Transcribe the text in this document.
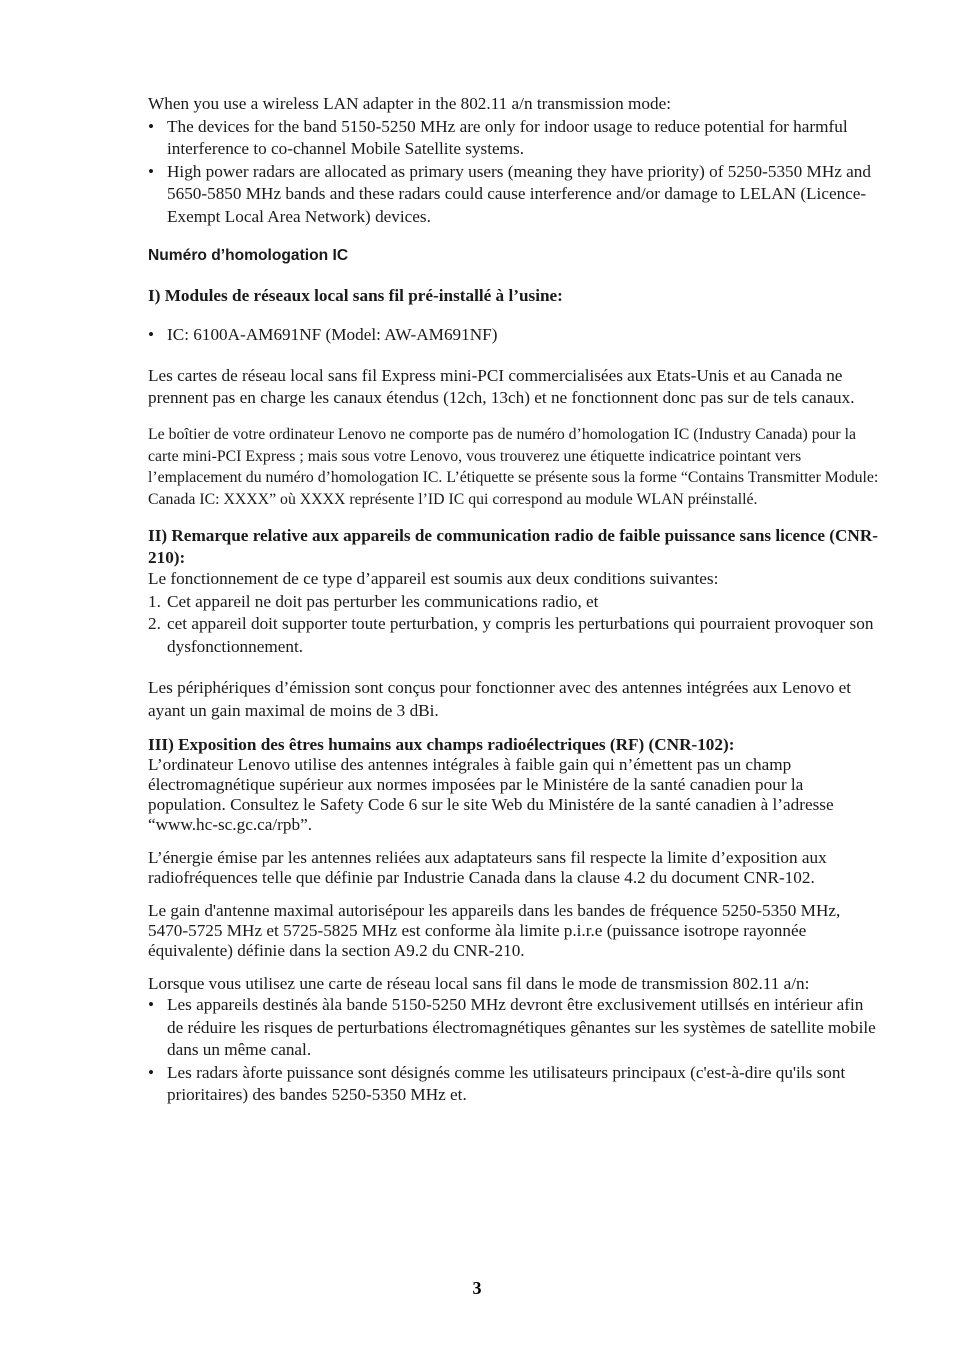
When you use a wireless LAN adapter in the 802.11 a/n transmission mode:

• The devices for the band 5150-5250 MHz are only for indoor usage to reduce potential for harmful interference to co-channel Mobile Satellite systems.
• High power radars are allocated as primary users (meaning they have priority) of 5250-5350 MHz and 5650-5850 MHz bands and these radars could cause interference and/or damage to LELAN (Licence-Exempt Local Area Network) devices.

Numéro d’homologation IC

I) Modules de réseaux local sans fil pré-installé à l’usine:

• IC: 6100A-AM691NF (Model: AW-AM691NF)

Les cartes de réseau local sans fil Express mini-PCI commercialisées aux Etats-Unis et au Canada ne prennent pas en charge les canaux étendus (12ch, 13ch) et ne fonctionnent donc pas sur de tels canaux.

Le boîtier de votre ordinateur Lenovo ne comporte pas de numéro d’homologation IC (Industry Canada) pour la carte mini-PCI Express ; mais sous votre Lenovo, vous trouverez une étiquette indicatrice pointant vers l’emplacement du numéro d’homologation IC. L’étiquette se présente sous la forme “Contains Transmitter Module: Canada IC: XXXX” où XXXX représente l’ID IC qui correspond au module WLAN préinstallé.

II) Remarque relative aux appareils de communication radio de faible puissance sans licence (CNR-210):

Le fonctionnement de ce type d’appareil est soumis aux deux conditions suivantes:

1. Cet appareil ne doit pas perturber les communications radio, et
2. cet appareil doit supporter toute perturbation, y compris les perturbations qui pourraient provoquer son dysfonctionnement.

Les périphériques d’émission sont conçus pour fonctionner avec des antennes intégrées aux Lenovo et ayant un gain maximal de moins de 3 dBi.

III) Exposition des êtres humains aux champs radioélectriques (RF) (CNR-102):

L’ordinateur Lenovo utilise des antennes intégrales à faible gain qui n’émettent pas un champ électromagnétique supérieur aux normes imposées par le Ministére de la santé canadien pour la population. Consultez le Safety Code 6 sur le site Web du Ministére de la santé canadien à l’adresse “www.hc-sc.gc.ca/rpb”.

L’énergie émise par les antennes reliées aux adaptateurs sans fil respecte la limite d’exposition aux radiofréquences telle que définie par Industrie Canada dans la clause 4.2 du document CNR-102.

Le gain d'antenne maximal autorisépour les appareils dans les bandes de fréquence 5250-5350 MHz, 5470-5725 MHz et 5725-5825 MHz est conforme àla limite p.i.r.e (puissance isotrope rayonnée équivalente) définie dans la section A9.2 du CNR-210.

Lorsque vous utilisez une carte de réseau local sans fil dans le mode de transmission 802.11 a/n:

• Les appareils destinés àla bande 5150-5250 MHz devront être exclusivement utillsés en intérieur afin de réduire les risques de perturbations électromagnétiques gênantes sur les systèmes de satellite mobile dans un même canal.
• Les radars àforte puissance sont désignés comme les utilisateurs principaux (c'est-à-dire qu'ils sont prioritaires) des bandes 5250-5350 MHz et.
3
